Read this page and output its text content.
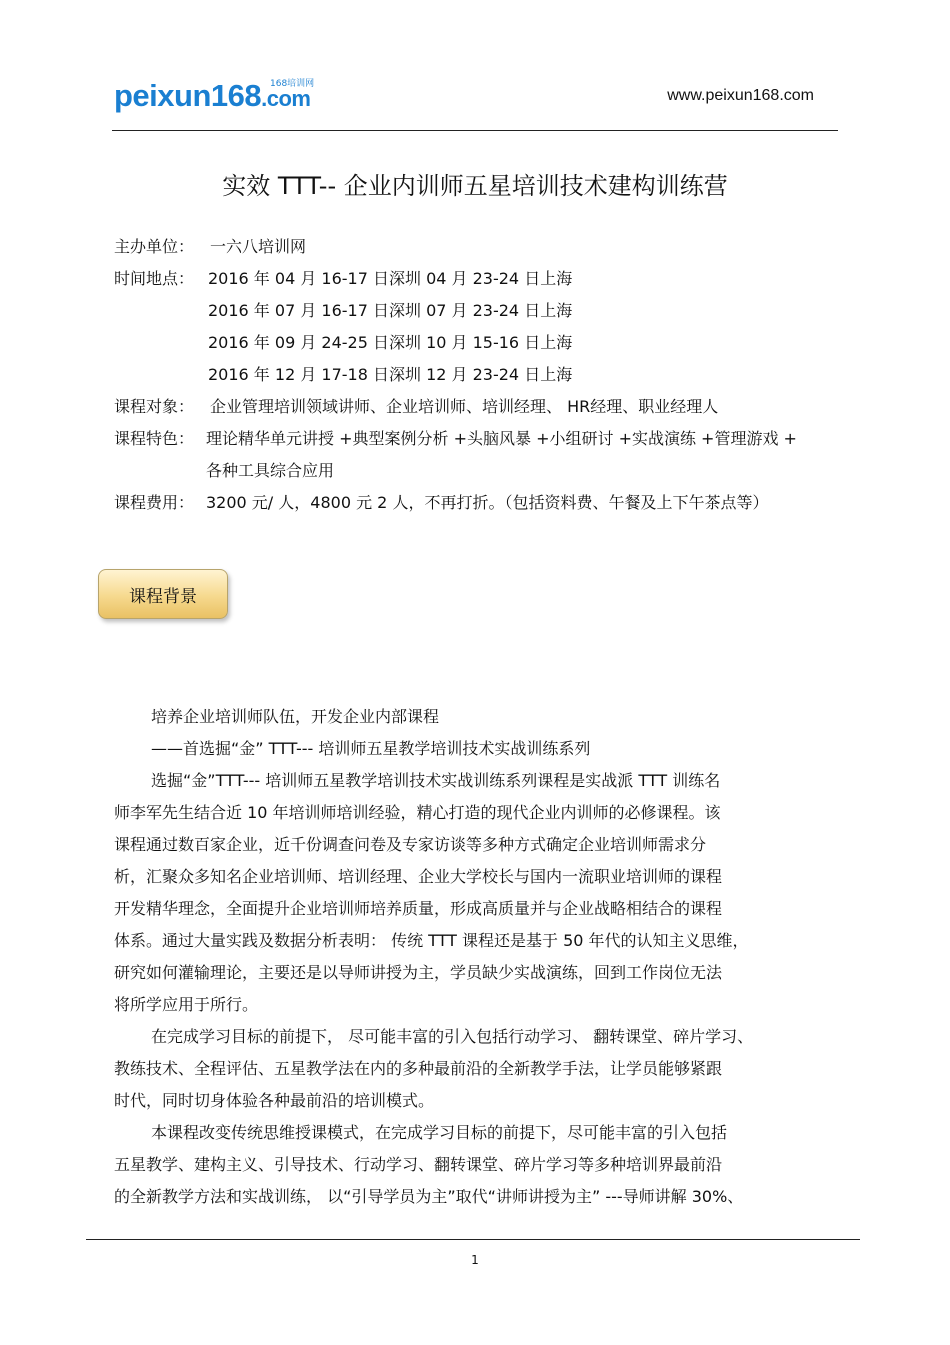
peixun168.com
168培训网
www.peixun168.com
实效 TTT-- 企业内训师五星培训技术建构训练营
主办单位： 一六八培训网
时间地点： 2016 年 04 月 16-17 日深圳 04 月 23-24 日上海
2016 年 07 月 16-17 日深圳 07 月 23-24 日上海
2016 年 09 月 24-25 日深圳 10 月 15-16 日上海
2016 年 12 月 17-18 日深圳 12 月 23-24 日上海
课程对象： 企业管理培训领域讲师、企业培训师、培训经理、 HR经理、职业经理人
课程特色： 理论精华单元讲授 +典型案例分析 +头脑风暴 +小组研讨 +实战演练 +管理游戏 +
各种工具综合应用
课程费用： 3200 元/ 人，4800 元 2 人，不再打折。（包括资料费、午餐及上下午茶点等）
课程背景
培养企业培训师队伍，开发企业内部课程
——首选掘“金” TTT--- 培训师五星教学培训技术实战训练系列
选掘“金”TTT--- 培训师五星教学培训技术实战训练系列课程是实战派 TTT 训练名
师李军先生结合近 10 年培训师培训经验，精心打造的现代企业内训师的必修课程。该
课程通过数百家企业，近千份调查问卷及专家访谈等多种方式确定企业培训师需求分
析，汇聚众多知名企业培训师、培训经理、企业大学校长与国内一流职业培训师的课程
开发精华理念，全面提升企业培训师培养质量，形成高质量并与企业战略相结合的课程
体系。通过大量实践及数据分析表明： 传统 TTT 课程还是基于 50 年代的认知主义思维，
研究如何灌输理论，主要还是以导师讲授为主，学员缺少实战演练，回到工作岗位无法
将所学应用于所行。
在完成学习目标的前提下， 尽可能丰富的引入包括行动学习、 翻转课堂、碎片学习、
教练技术、全程评估、五星教学法在内的多种最前沿的全新教学手法，让学员能够紧跟
时代，同时切身体验各种最前沿的培训模式。
本课程改变传统思维授课模式，在完成学习目标的前提下，尽可能丰富的引入包括
五星教学、建构主义、引导技术、行动学习、翻转课堂、碎片学习等多种培训界最前沿
的全新教学方法和实战训练， 以“引导学员为主”取代“讲师讲授为主” ---导师讲解 30%、
1
